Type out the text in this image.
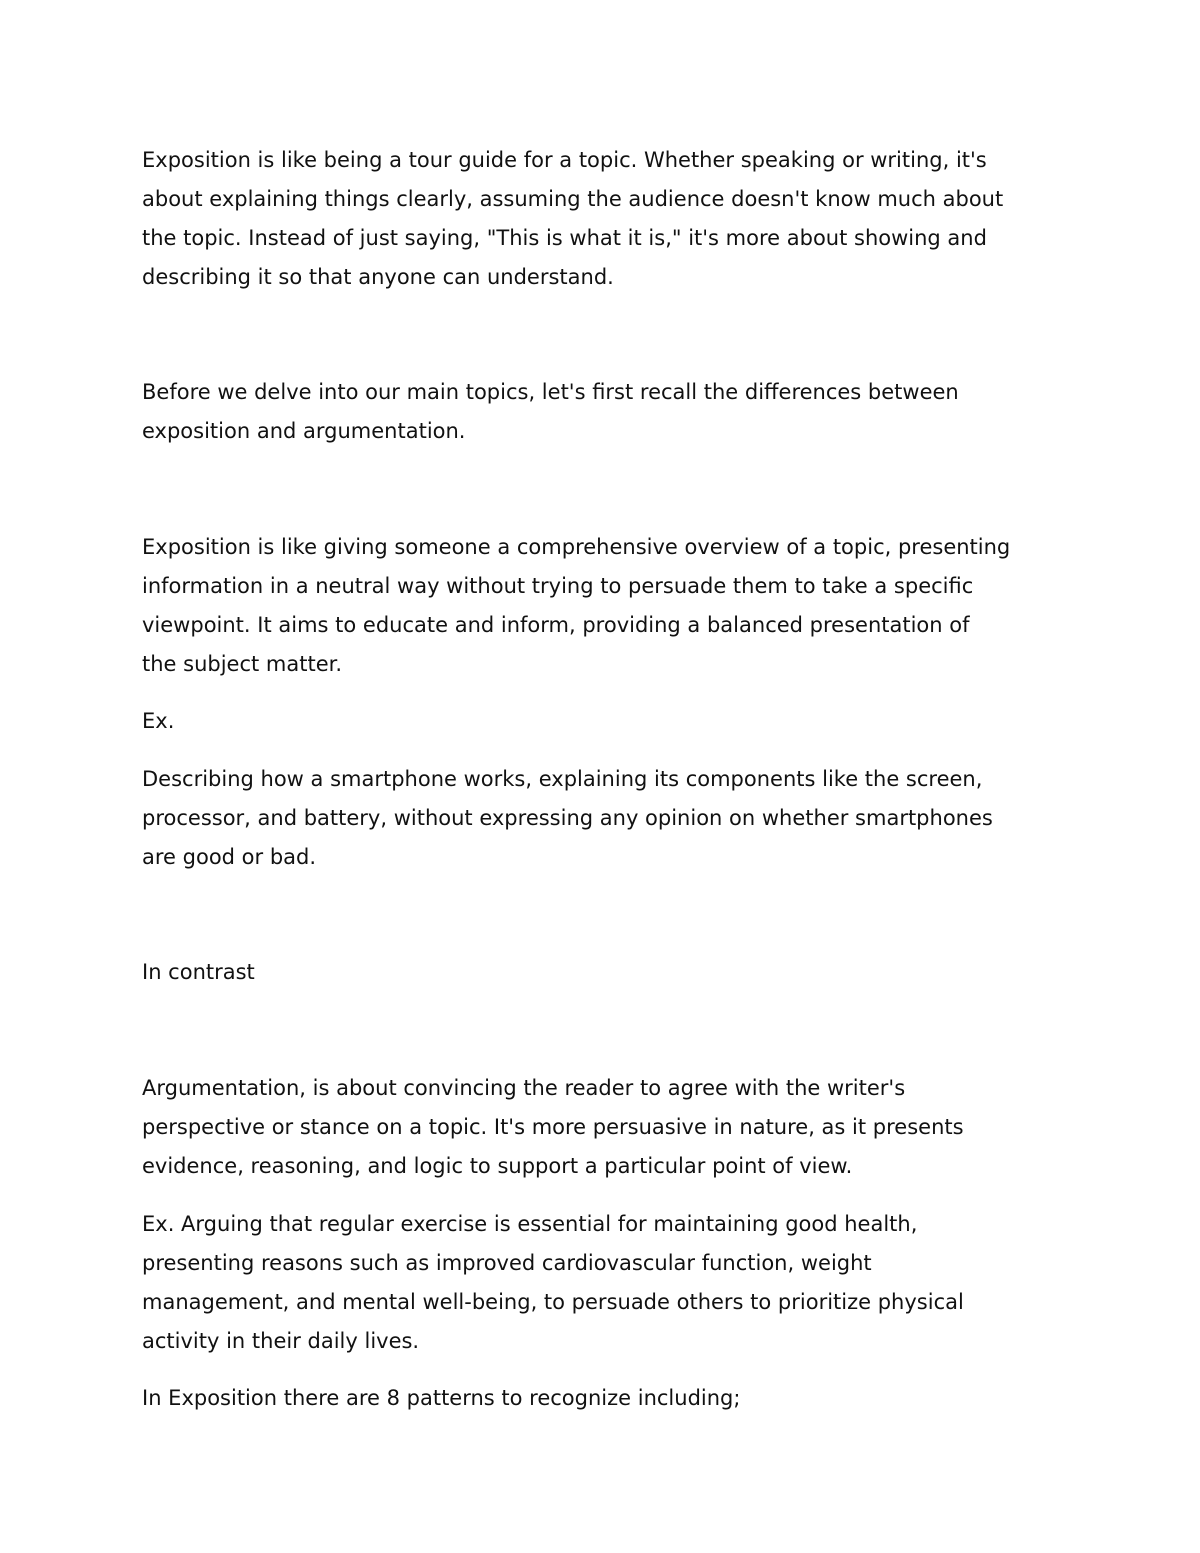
Exposition is like being a tour guide for a topic. Whether speaking or writing, it's
about explaining things clearly, assuming the audience doesn't know much about
the topic. Instead of just saying, "This is what it is," it's more about showing and
describing it so that anyone can understand.

Before we delve into our main topics, let's first recall the differences between
exposition and argumentation.

Exposition is like giving someone a comprehensive overview of a topic, presenting
information in a neutral way without trying to persuade them to take a specific
viewpoint. It aims to educate and inform, providing a balanced presentation of
the subject matter.

Ex.

Describing how a smartphone works, explaining its components like the screen,
processor, and battery, without expressing any opinion on whether smartphones
are good or bad.

In contrast

Argumentation, is about convincing the reader to agree with the writer's
perspective or stance on a topic. It's more persuasive in nature, as it presents
evidence, reasoning, and logic to support a particular point of view.

Ex. Arguing that regular exercise is essential for maintaining good health,
presenting reasons such as improved cardiovascular function, weight
management, and mental well-being, to persuade others to prioritize physical
activity in their daily lives.

In Exposition there are 8 patterns to recognize including;
